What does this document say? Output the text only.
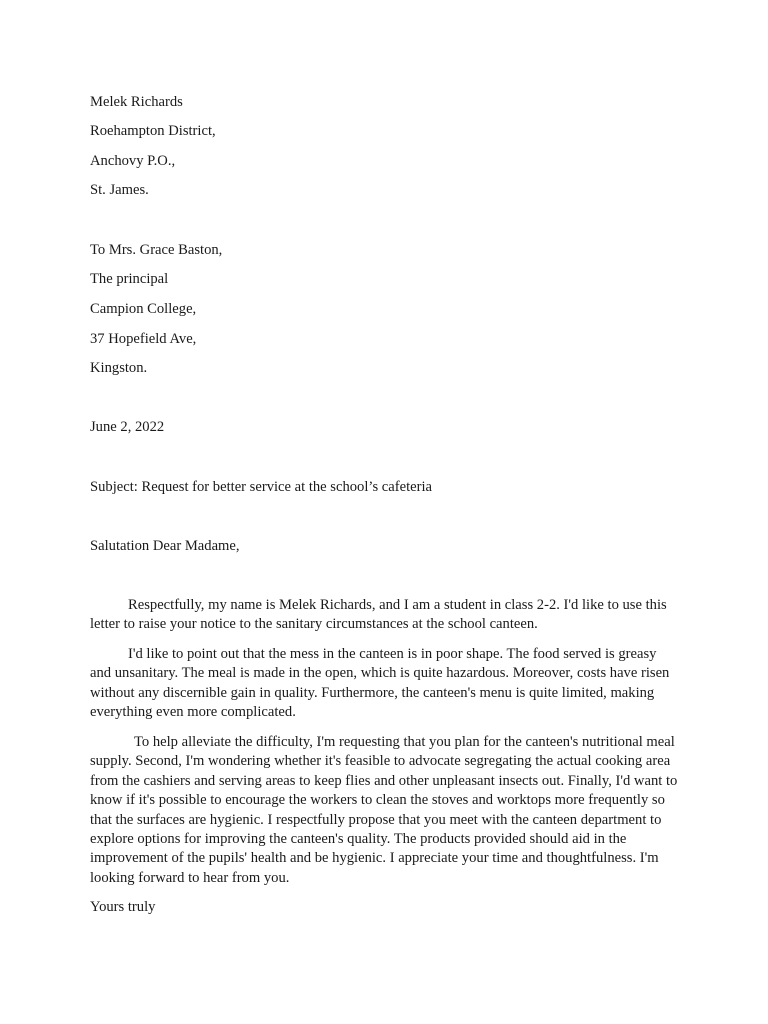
Melek Richards
Roehampton District,
Anchovy P.O.,
St. James.
To Mrs. Grace Baston,
The principal
Campion College,
37 Hopefield Ave,
Kingston.
June 2, 2022
Subject: Request for better service at the school’s cafeteria
Salutation Dear Madame,

Respectfully, my name is Melek Richards, and I am a student in class 2-2. I'd like to use this letter to raise your notice to the sanitary circumstances at the school canteen.

I'd like to point out that the mess in the canteen is in poor shape. The food served is greasy and unsanitary. The meal is made in the open, which is quite hazardous. Moreover, costs have risen without any discernible gain in quality. Furthermore, the canteen's menu is quite limited, making everything even more complicated.

To help alleviate the difficulty, I'm requesting that you plan for the canteen's nutritional meal supply. Second, I'm wondering whether it's feasible to advocate segregating the actual cooking area from the cashiers and serving areas to keep flies and other unpleasant insects out. Finally, I'd want to know if it's possible to encourage the workers to clean the stoves and worktops more frequently so that the surfaces are hygienic. I respectfully propose that you meet with the canteen department to explore options for improving the canteen's quality. The products provided should aid in the improvement of the pupils' health and be hygienic. I appreciate your time and thoughtfulness. I'm looking forward to hear from you.

Yours truly
